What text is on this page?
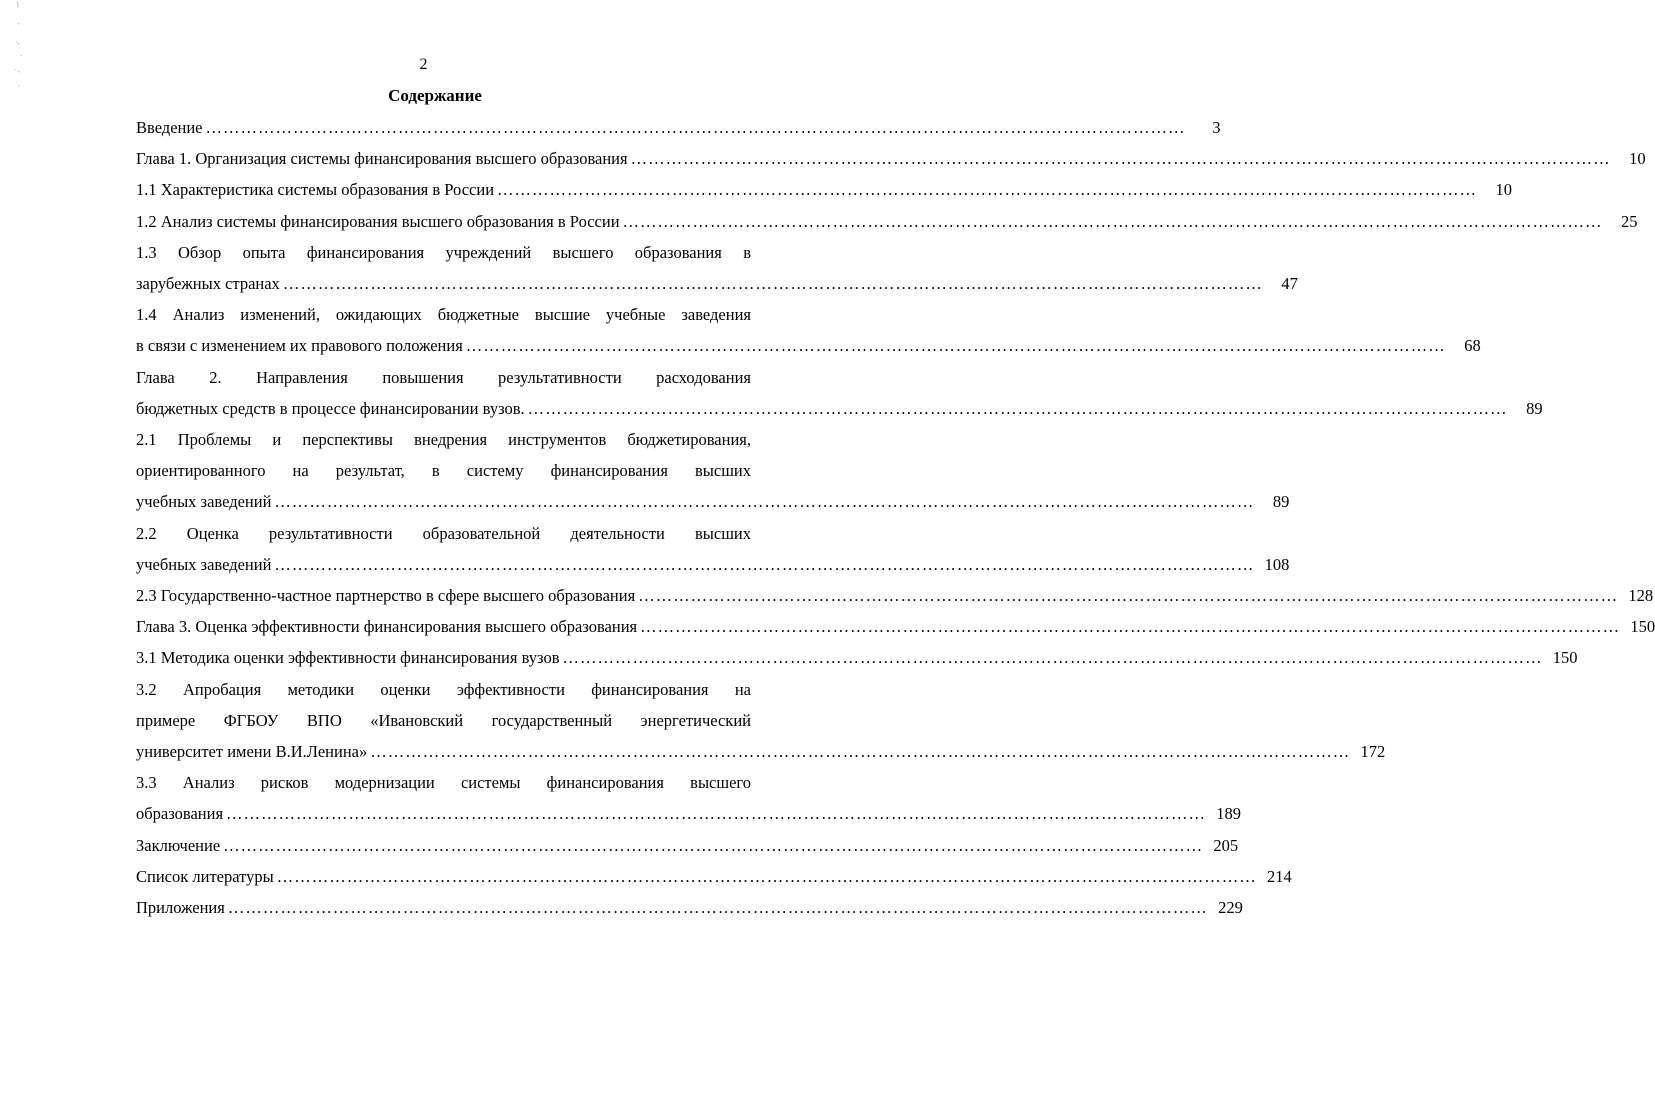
˥
'
·,
·
· ,
.
2
Содержание
Введение ……………………………………………………………………………………………………………………………………………………	3
Глава 1. Организация системы финансирования высшего образования ……………………………………………………………………………………………………………………………………………………	10
1.1 Характеристика системы образования в России ……………………………………………………………………………………………………………………………………………………	10
1.2 Анализ системы финансирования высшего образования в России ……………………………………………………………………………………………………………………………………………………	25
1.3 Обзор опыта финансирования учреждений высшего образования в
зарубежных странах ……………………………………………………………………………………………………………………………………………………	47
1.4 Анализ изменений, ожидающих бюджетные высшие учебные заведения
в связи с изменением их правового положения ……………………………………………………………………………………………………………………………………………………	68
Глава 2. Направления повышения результативности расходования
бюджетных средств в процессе финансировании вузов. ……………………………………………………………………………………………………………………………………………………	89
2.1 Проблемы и перспективы внедрения инструментов бюджетирования,
ориентированного на результат, в систему финансирования высших
учебных заведений ……………………………………………………………………………………………………………………………………………………	89
2.2 Оценка результативности образовательной деятельности высших
учебных заведений …………………………………………………………………………………………………………………………………………………… 108
2.3 Государственно-частное партнерство в сфере высшего образования …………………………………………………………………………………………………………………………………………………… 128
Глава 3. Оценка эффективности финансирования высшего образования …………………………………………………………………………………………………………………………………………………… 150
3.1 Методика оценки эффективности финансирования вузов …………………………………………………………………………………………………………………………………………………… 150
3.2 Апробация методики оценки эффективности финансирования на
примере ФГБОУ ВПО «Ивановский государственный энергетический
университет имени В.И.Ленина» …………………………………………………………………………………………………………………………………………………… 172
3.3 Анализ рисков модернизации системы финансирования высшего
образования …………………………………………………………………………………………………………………………………………………… 189
Заключение …………………………………………………………………………………………………………………………………………………… 205
Список литературы …………………………………………………………………………………………………………………………………………………… 214
Приложения …………………………………………………………………………………………………………………………………………………… 229
